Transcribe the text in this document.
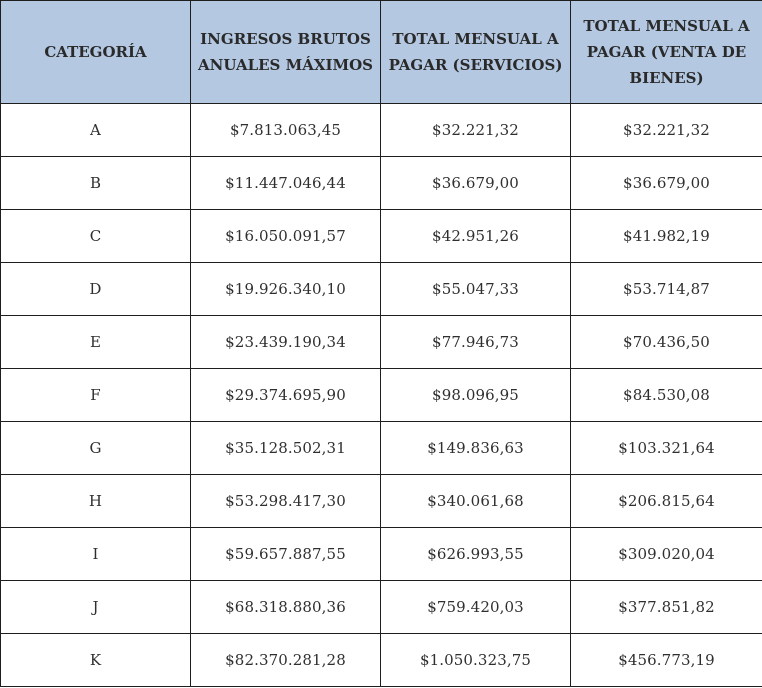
CATEGORÍA	INGRESOS BRUTOS ANUALES MÁXIMOS	TOTAL MENSUAL A PAGAR (SERVICIOS)	TOTAL MENSUAL A PAGAR (VENTA DE BIENES)
A	$7.813.063,45	$32.221,32	$32.221,32
B	$11.447.046,44	$36.679,00	$36.679,00
C	$16.050.091,57	$42.951,26	$41.982,19
D	$19.926.340,10	$55.047,33	$53.714,87
E	$23.439.190,34	$77.946,73	$70.436,50
F	$29.374.695,90	$98.096,95	$84.530,08
G	$35.128.502,31	$149.836,63	$103.321,64
H	$53.298.417,30	$340.061,68	$206.815,64
I	$59.657.887,55	$626.993,55	$309.020,04
J	$68.318.880,36	$759.420,03	$377.851,82
K	$82.370.281,28	$1.050.323,75	$456.773,19
